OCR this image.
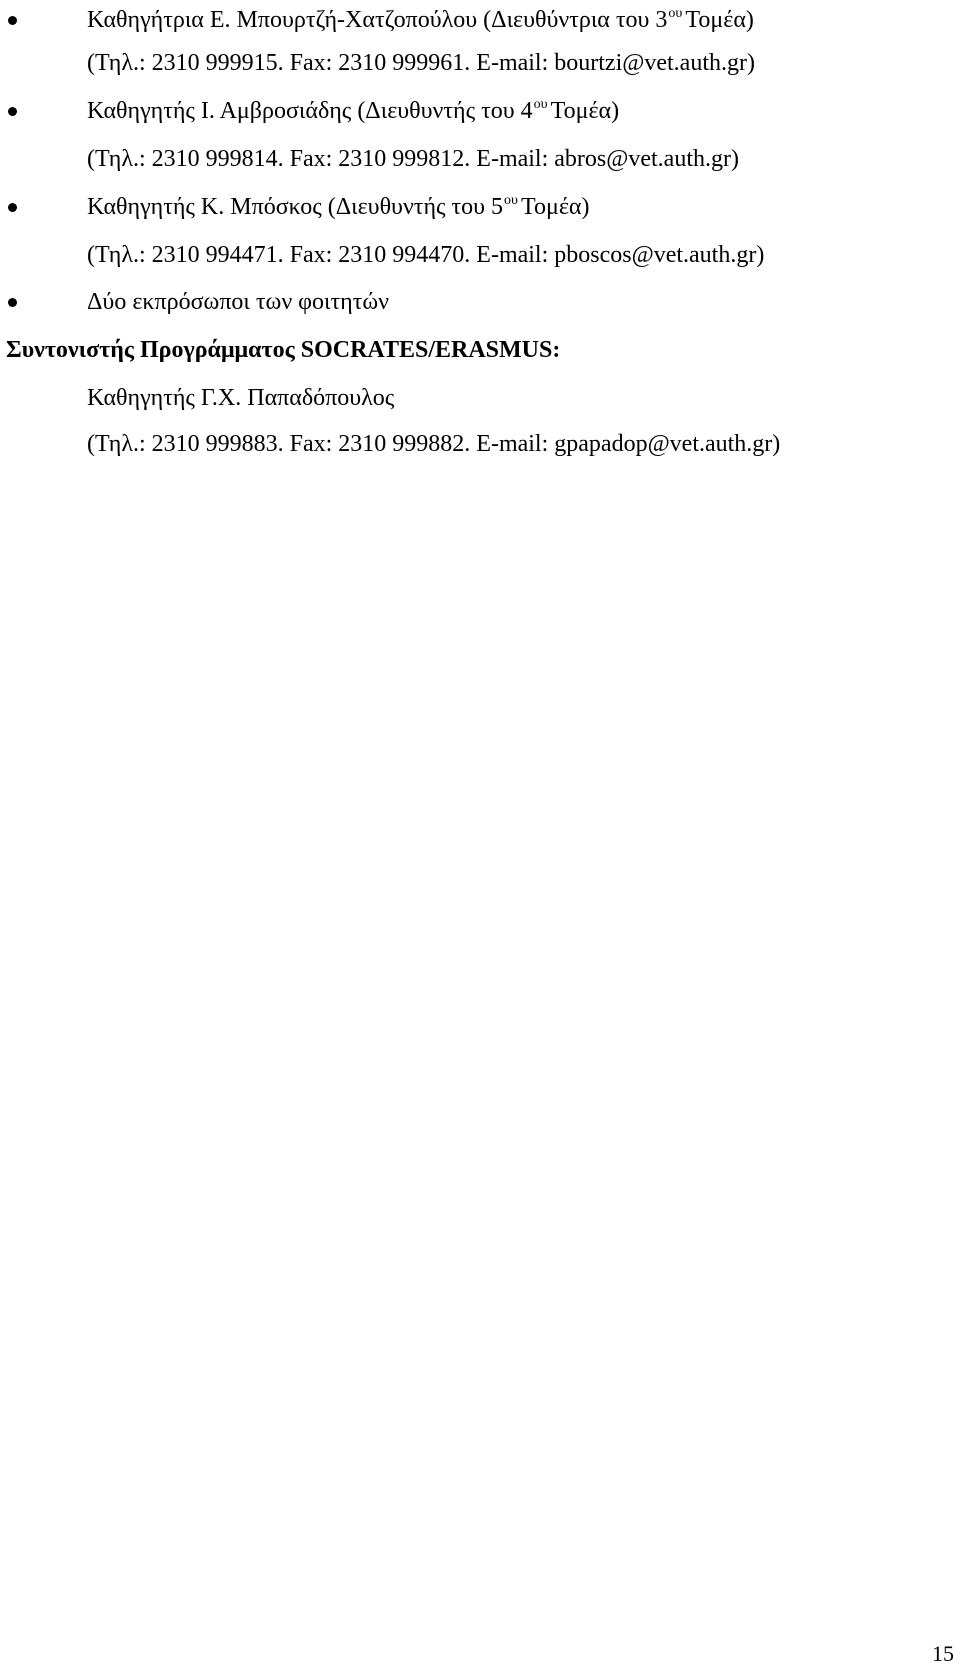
Καθηγήτρια Ε. Μπουρτζή-Χατζοπούλου (Διευθύντρια του $3^{o\upsilon}$ Τομέα)
(Τηλ.: 2310 999915. Fax: 2310 999961. E-mail: bourtzi@vet.auth.gr)
Καθηγητής Ι. Αμβροσιάδης (Διευθυντής του $4^{o\upsilon}$ Τομέα)
(Τηλ.: 2310 999814. Fax: 2310 999812. E-mail: abros@vet.auth.gr)
Καθηγητής Κ. Μπόσκος (Διευθυντής του $5^{o\upsilon}$ Τομέα)
(Τηλ.: 2310 994471. Fax: 2310 994470. E-mail: pboscos@vet.auth.gr)
Δύο εκπρόσωποι των φοιτητών
Συντονιστής Προγράμματος SOCRATES/ERASMUS:
Καθηγητής Γ.Χ. Παπαδόπουλος
(Τηλ.: 2310 999883. Fax: 2310 999882. E-mail: gpapadop@vet.auth.gr)
15
